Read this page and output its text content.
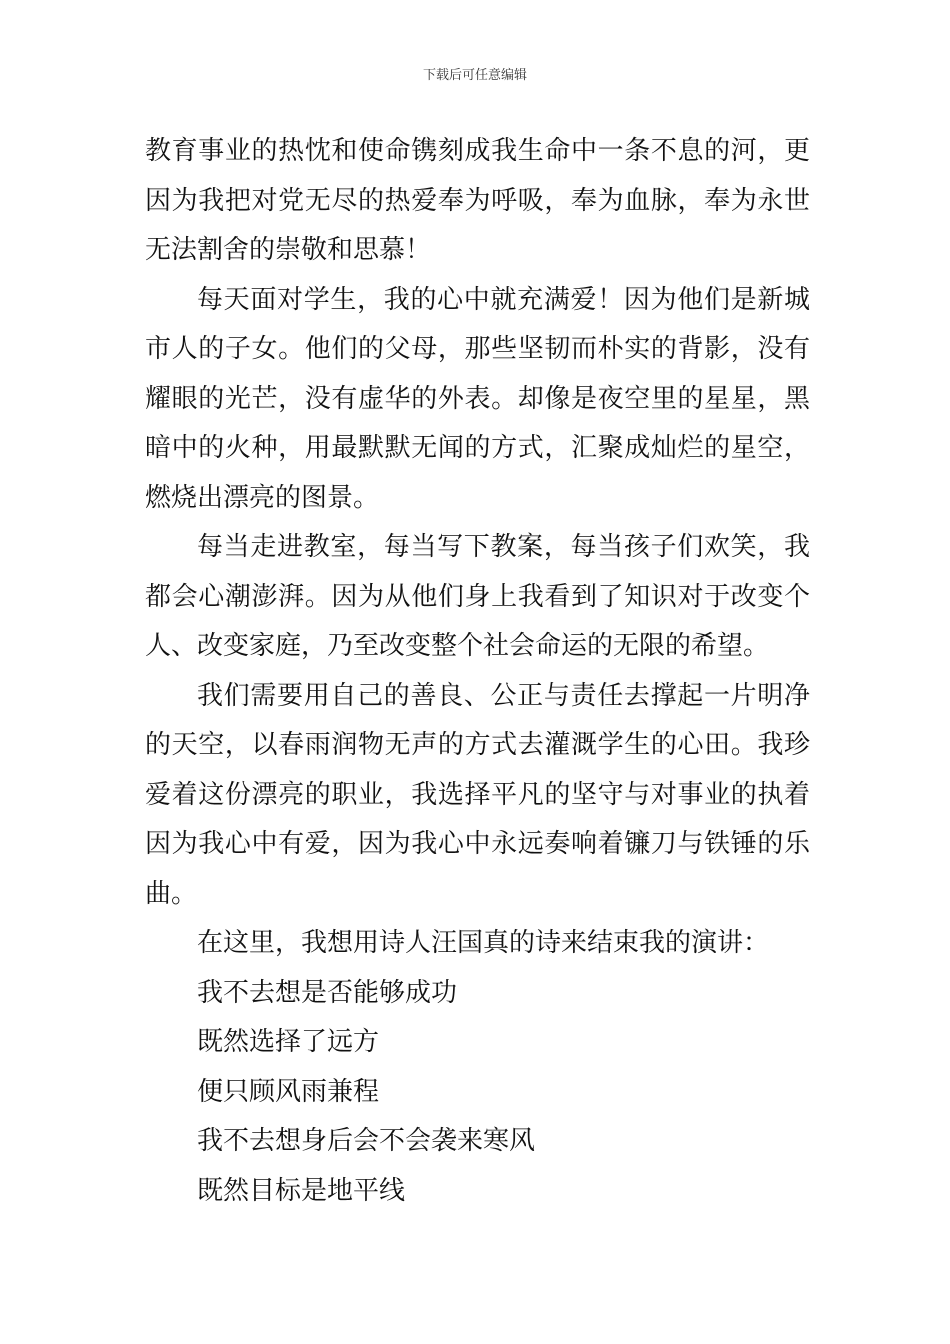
下载后可任意编辑

教育事业的热忱和使命镌刻成我生命中一条不息的河，更因为我把对党无尽的热爱奉为呼吸，奉为血脉，奉为永世无法割舍的崇敬和思慕！

每天面对学生，我的心中就充满爱！因为他们是新城市人的子女。他们的父母，那些坚韧而朴实的背影，没有耀眼的光芒，没有虚华的外表。却像是夜空里的星星，黑暗中的火种，用最默默无闻的方式，汇聚成灿烂的星空，燃烧出漂亮的图景。

每当走进教室，每当写下教案，每当孩子们欢笑，我都会心潮澎湃。因为从他们身上我看到了知识对于改变个人、改变家庭，乃至改变整个社会命运的无限的希望。

我们需要用自己的善良、公正与责任去撑起一片明净的天空，以春雨润物无声的方式去灌溉学生的心田。我珍爱着这份漂亮的职业，我选择平凡的坚守与对事业的执着因为我心中有爱，因为我心中永远奏响着镰刀与铁锤的乐曲。

在这里，我想用诗人汪国真的诗来结束我的演讲：

我不去想是否能够成功

既然选择了远方

便只顾风雨兼程

我不去想身后会不会袭来寒风

既然目标是地平线
